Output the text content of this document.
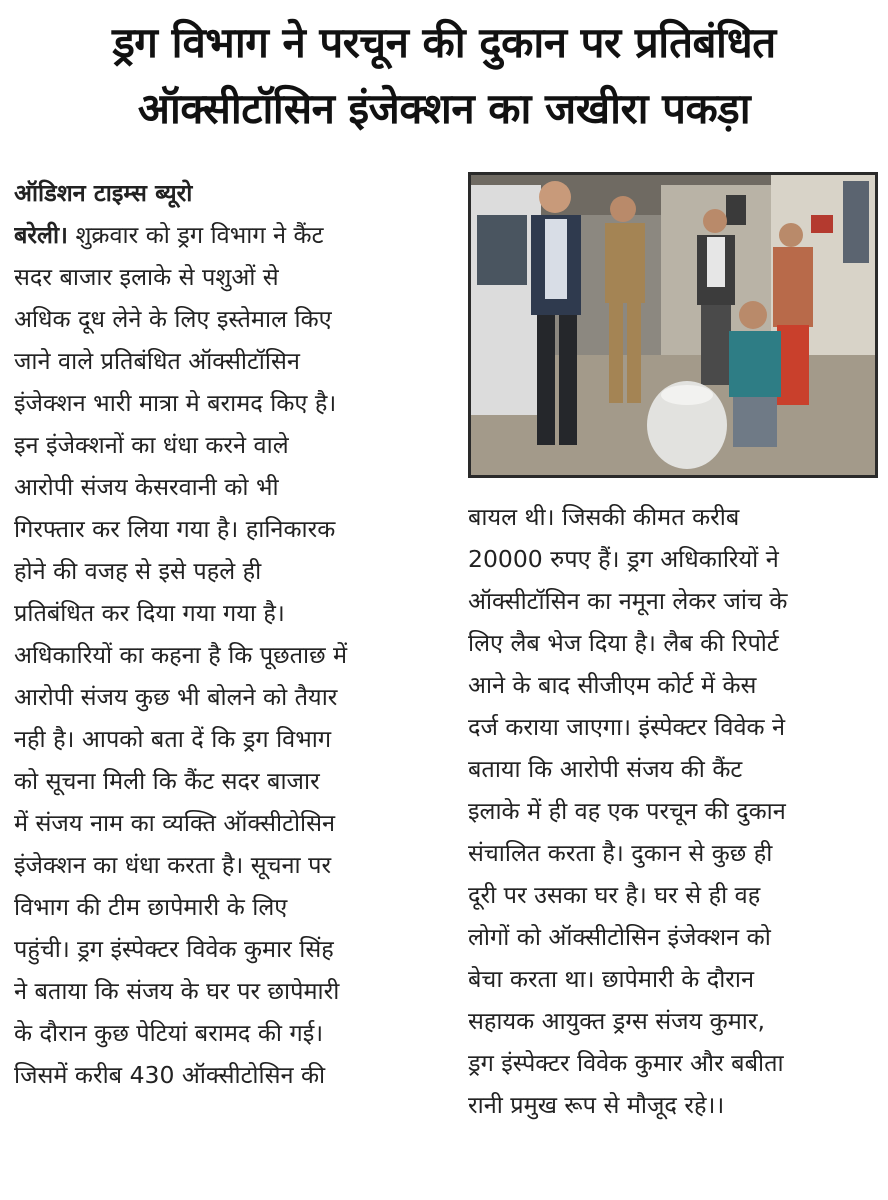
ड्रग विभाग ने परचून की दुकान पर प्रतिबंधित
ऑक्सीटॉसिन इंजेक्शन का जखीरा पकड़ा

ऑडिशन टाइम्स ब्यूरो

बरेली। शुक्रवार को ड्रग विभाग ने कैंट

सदर बाजार इलाके से पशुओं से

अधिक दूध लेने के लिए इस्तेमाल किए

जाने वाले प्रतिबंधित ऑक्सीटॉसिन

इंजेक्शन भारी मात्रा मे बरामद किए है।

इन इंजेक्शनों का धंधा करने वाले

आरोपी संजय केसरवानी को भी

गिरफ्तार कर लिया गया है। हानिकारक

होने की वजह से इसे पहले ही

प्रतिबंधित कर दिया गया गया है।

अधिकारियों का कहना है कि पूछताछ में

आरोपी संजय कुछ भी बोलने को तैयार

नही है। आपको बता दें कि ड्रग विभाग

को सूचना मिली कि कैंट सदर बाजार

में संजय नाम का व्यक्ति ऑक्सीटोसिन

इंजेक्शन का धंधा करता है। सूचना पर

विभाग की टीम छापेमारी के लिए

पहुंची। ड्रग इंस्पेक्टर विवेक कुमार सिंह

ने बताया कि संजय के घर पर छापेमारी

के दौरान कुछ पेटियां बरामद की गई।

जिसमें करीब 430 ऑक्सीटोसिन की

बायल थी। जिसकी कीमत करीब

20000 रुपए हैं। ड्रग अधिकारियों ने

ऑक्सीटॉसिन का नमूना लेकर जांच के

लिए लैब भेज दिया है। लैब की रिपोर्ट

आने के बाद सीजीएम कोर्ट में केस

दर्ज कराया जाएगा। इंस्पेक्टर विवेक ने

बताया कि आरोपी संजय की कैंट

इलाके में ही वह एक परचून की दुकान

संचालित करता है। दुकान से कुछ ही

दूरी पर उसका घर है। घर से ही वह

लोगों को ऑक्सीटोसिन इंजेक्शन को

बेचा करता था। छापेमारी के दौरान

सहायक आयुक्त ड्रग्स संजय कुमार,

ड्रग इंस्पेक्टर विवेक कुमार और बबीता

रानी प्रमुख रूप से मौजूद रहे।।
